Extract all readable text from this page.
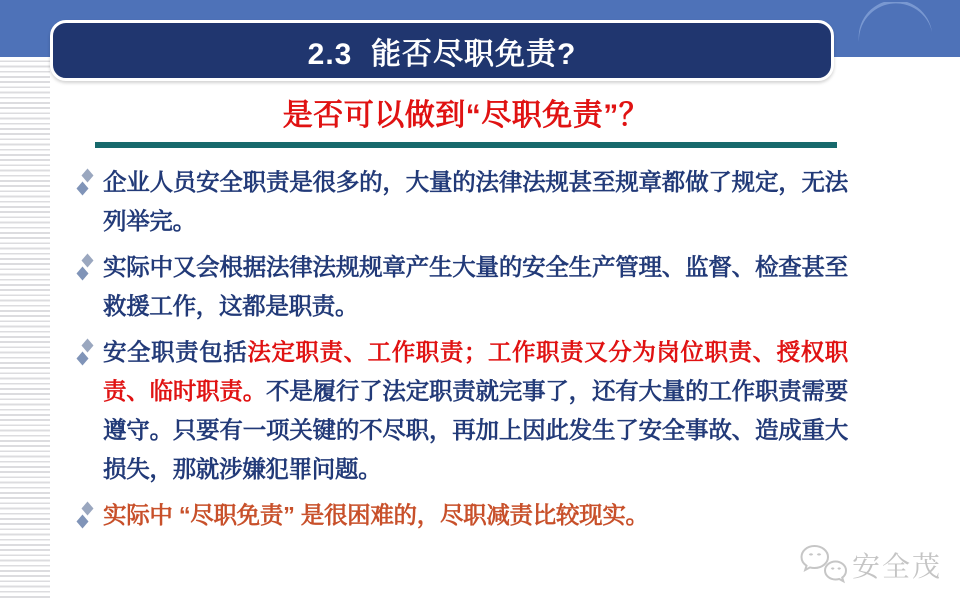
2.3  能否尽职免责?
是否可以做到“尽职免责”？
企业人员安全职责是很多的，大量的法律法规甚至规章都做了规定，无法列举完。
实际中又会根据法律法规规章产生大量的安全生产管理、监督、检查甚至救援工作，这都是职责。
安全职责包括法定职责、工作职责；工作职责又分为岗位职责、授权职责、临时职责。不是履行了法定职责就完事了，还有大量的工作职责需要遵守。只要有一项关键的不尽职，再加上因此发生了安全事故、造成重大损失，那就涉嫌犯罪问题。
实际中 “尽职免责” 是很困难的，尽职减责比较现实。
安全茂
